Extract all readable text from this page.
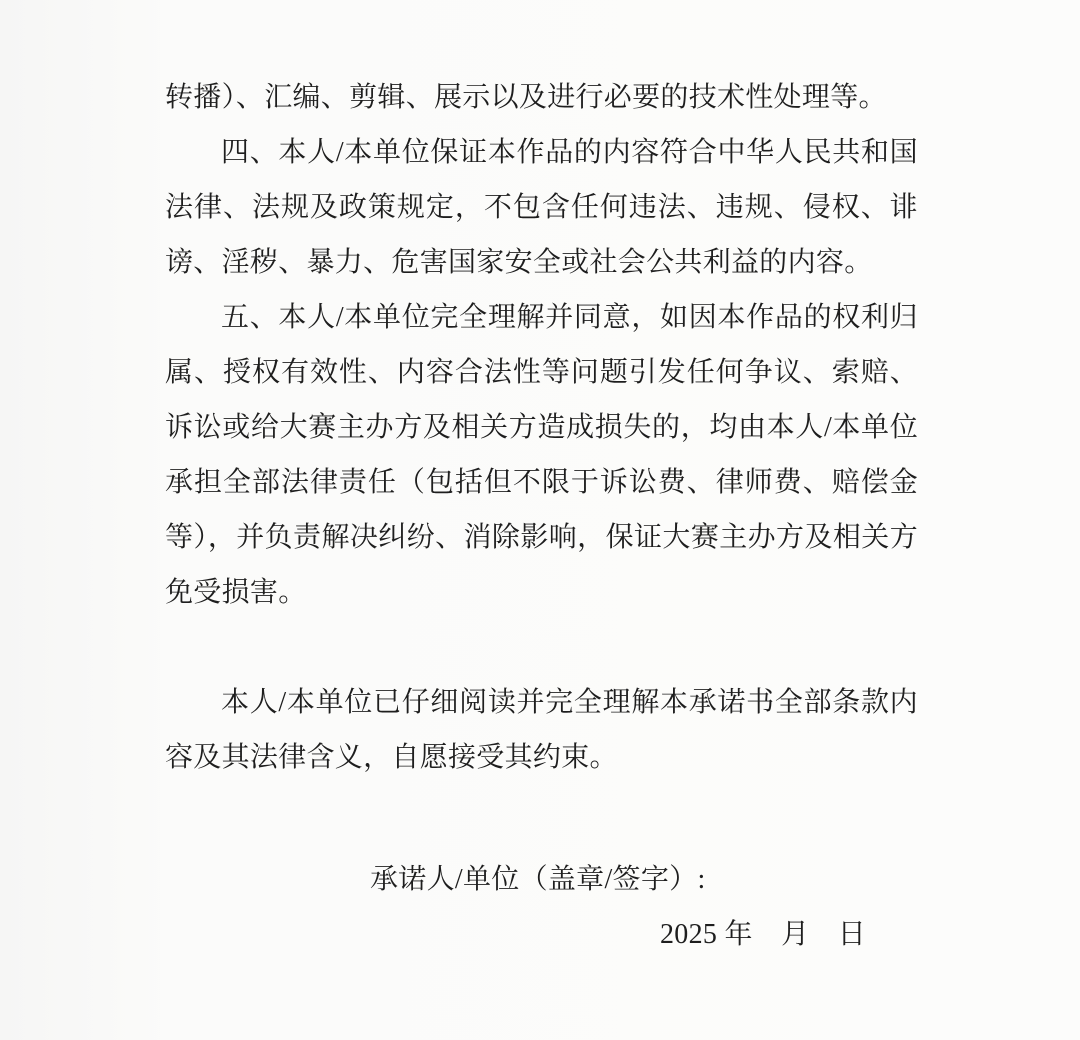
转播）、汇编、剪辑、展示以及进行必要的技术性处理等。

四、本人/本单位保证本作品的内容符合中华人民共和国法律、法规及政策规定，不包含任何违法、违规、侵权、诽谤、淫秽、暴力、危害国家安全或社会公共利益的内容。

五、本人/本单位完全理解并同意，如因本作品的权利归属、授权有效性、内容合法性等问题引发任何争议、索赔、诉讼或给大赛主办方及相关方造成损失的，均由本人/本单位承担全部法律责任（包括但不限于诉讼费、律师费、赔偿金等），并负责解决纠纷、消除影响，保证大赛主办方及相关方免受损害。

本人/本单位已仔细阅读并完全理解本承诺书全部条款内容及其法律含义，自愿接受其约束。

承诺人/单位（盖章/签字）:

2025 年　月　日
